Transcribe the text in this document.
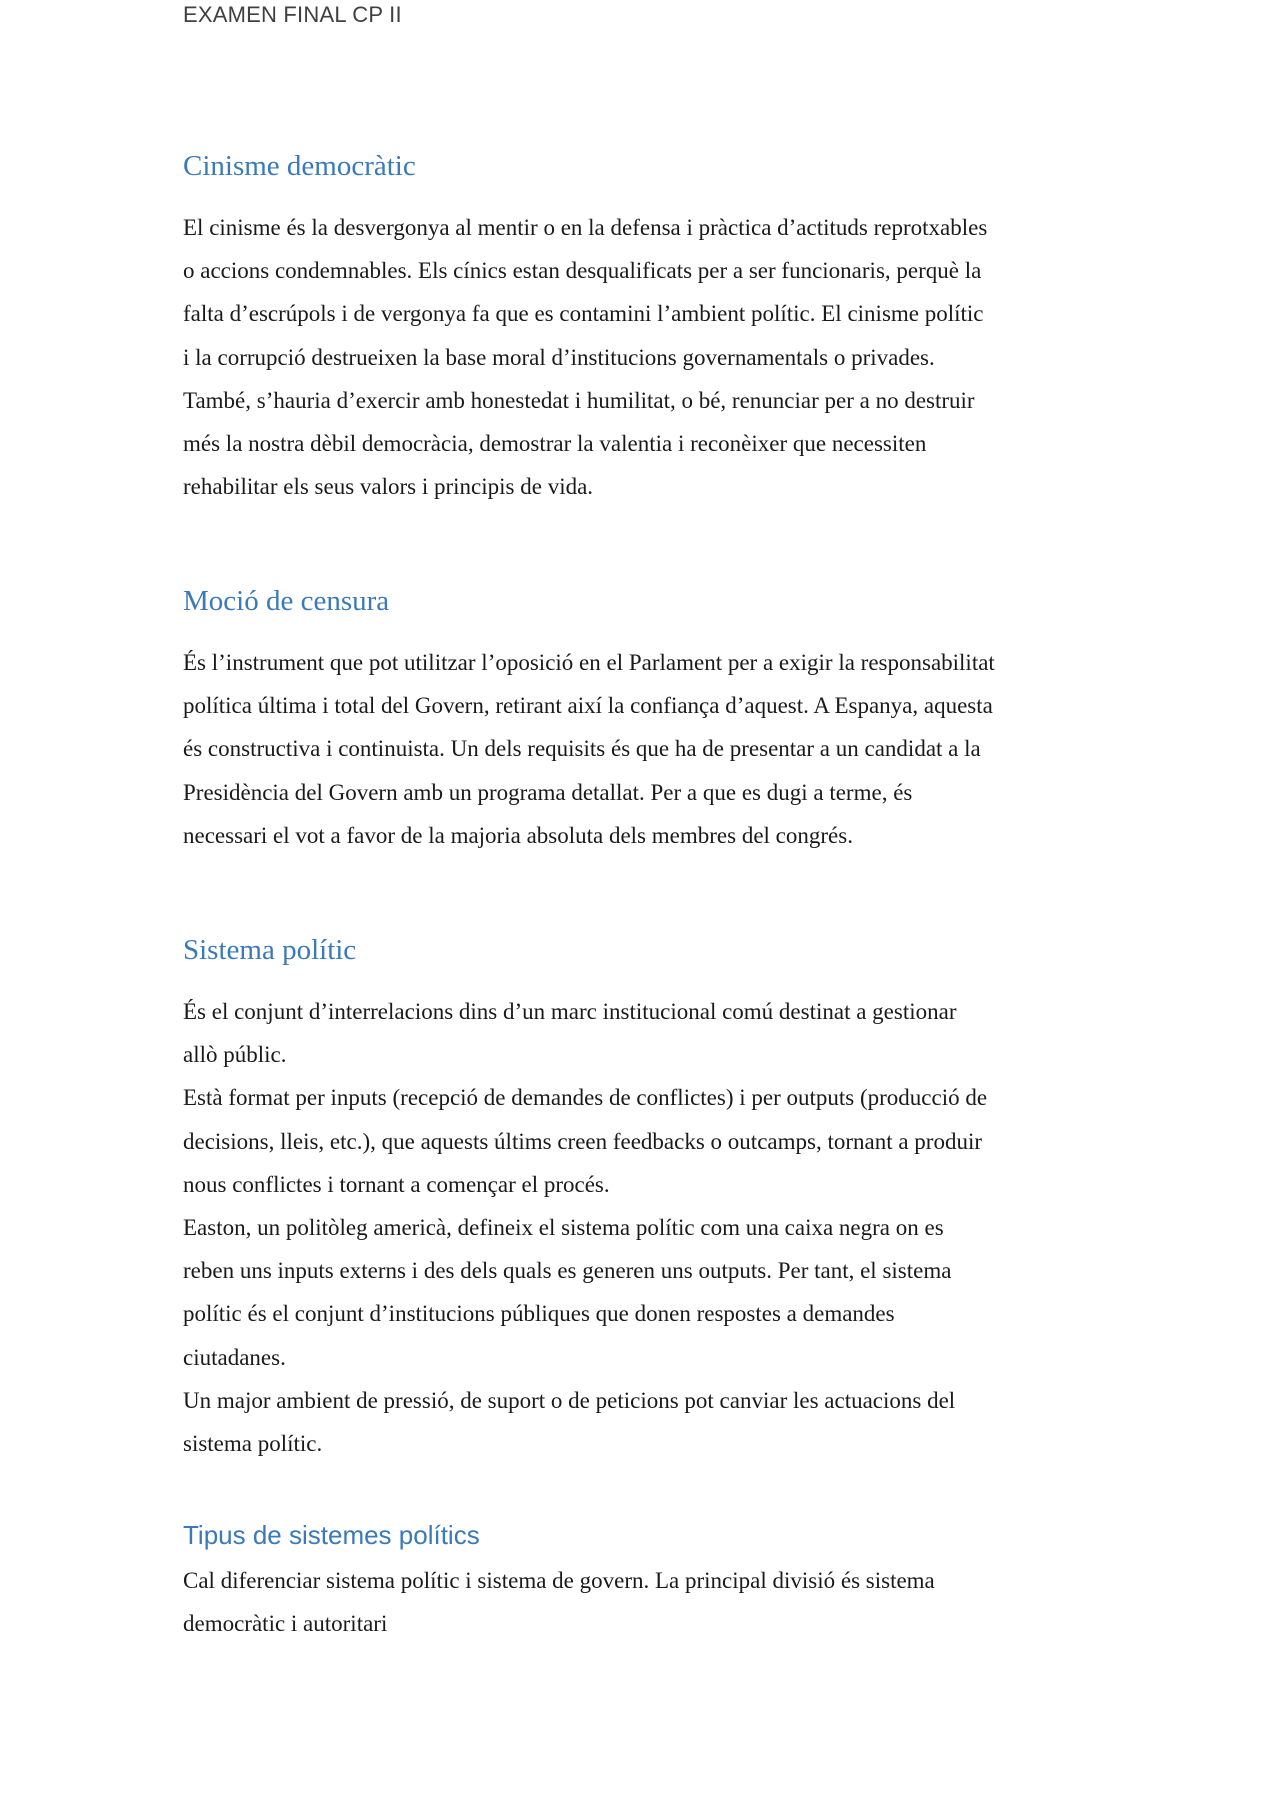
EXAMEN FINAL CP II

Cinisme democràtic

El cinisme és la desvergonya al mentir o en la defensa i pràctica d’actituds reprotxables
o accions condemnables. Els cínics estan desqualificats per a ser funcionaris, perquè la
falta d’escrúpols i de vergonya fa que es contamini l’ambient polític. El cinisme polític
i la corrupció destrueixen la base moral d’institucions governamentals o privades.
També, s’hauria d’exercir amb honestedat i humilitat, o bé, renunciar per a no destruir
més la nostra dèbil democràcia, demostrar la valentia i reconèixer que necessiten
rehabilitar els seus valors i principis de vida.

Moció de censura

És l’instrument que pot utilitzar l’oposició en el Parlament per a exigir la responsabilitat
política última i total del Govern, retirant així la confiança d’aquest. A Espanya, aquesta
és constructiva i continuista. Un dels requisits és que ha de presentar a un candidat a la
Presidència del Govern amb un programa detallat. Per a que es dugi a terme, és
necessari el vot a favor de la majoria absoluta dels membres del congrés.

Sistema polític

És el conjunt d’interrelacions dins d’un marc institucional comú destinat a gestionar
allò públic.
Està format per inputs (recepció de demandes de conflictes) i per outputs (producció de
decisions, lleis, etc.), que aquests últims creen feedbacks o outcamps, tornant a produir
nous conflictes i tornant a començar el procés.
Easton, un politòleg americà, defineix el sistema polític com una caixa negra on es
reben uns inputs externs i des dels quals es generen uns outputs. Per tant, el sistema
polític és el conjunt d’institucions públiques que donen respostes a demandes
ciutadanes.
Un major ambient de pressió, de suport o de peticions pot canviar les actuacions del
sistema polític.

Tipus de sistemes polítics

Cal diferenciar sistema polític i sistema de govern. La principal divisió és sistema
democràtic i autoritari
